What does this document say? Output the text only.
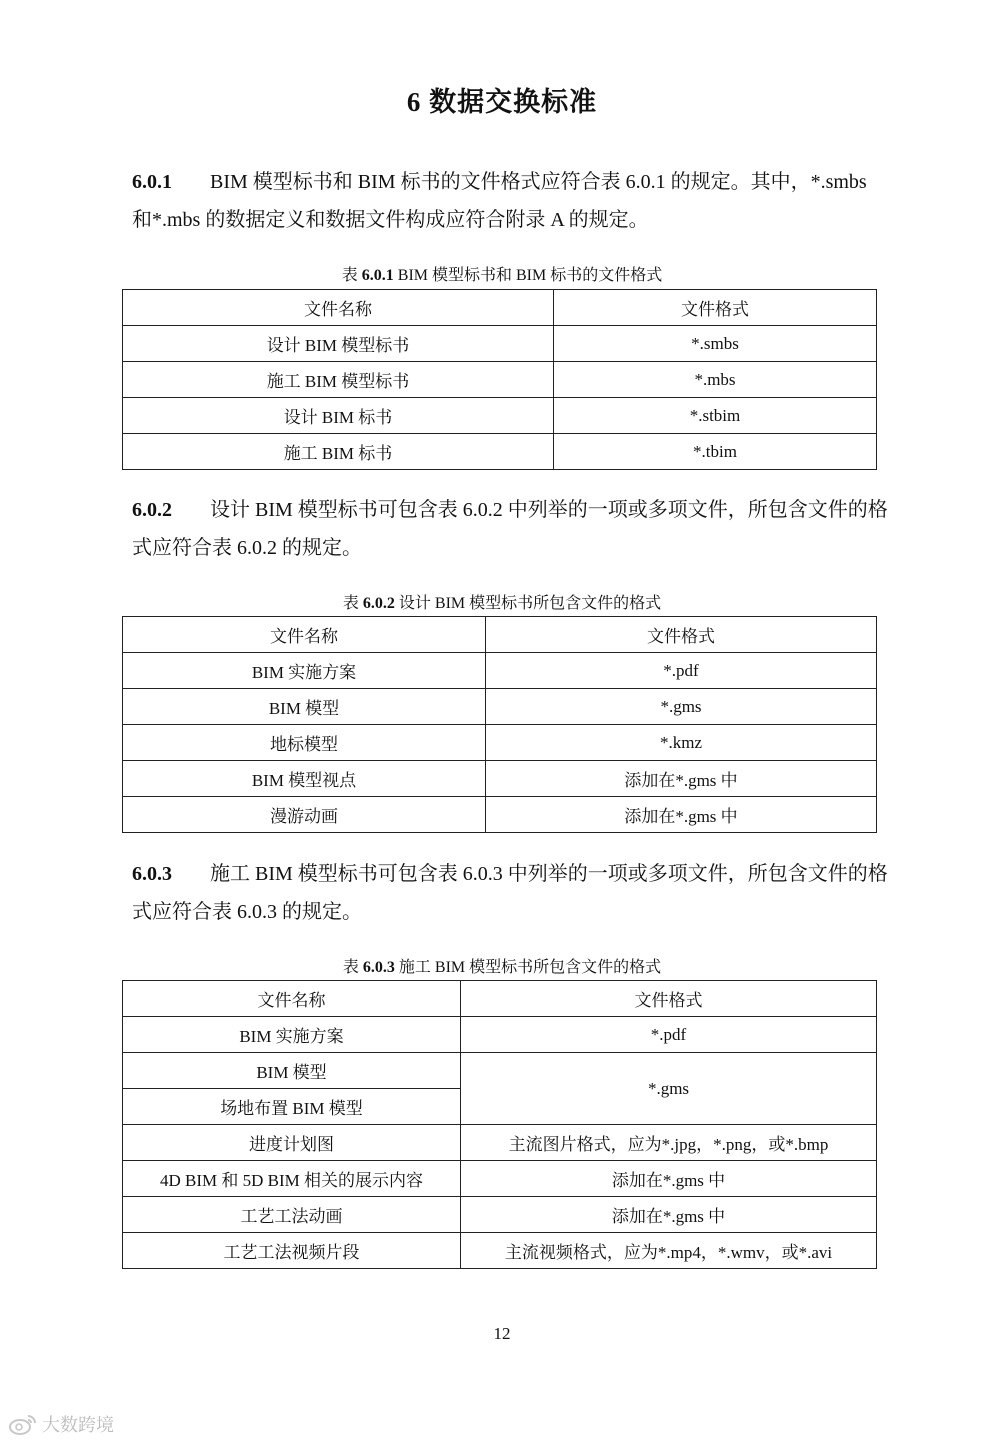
6 数据交换标准
6.0.1 BIM 模型标书和 BIM 标书的文件格式应符合表 6.0.1 的规定。其中，*.smbs 和*.mbs 的数据定义和数据文件构成应符合附录 A 的规定。
表 6.0.1 BIM 模型标书和 BIM 标书的文件格式
文件名称	文件格式
设计 BIM 模型标书	*.smbs
施工 BIM 模型标书	*.mbs
设计 BIM 标书	*.stbim
施工 BIM 标书	*.tbim
6.0.2 设计 BIM 模型标书可包含表 6.0.2 中列举的一项或多项文件，所包含文件的格式应符合表 6.0.2 的规定。
表 6.0.2 设计 BIM 模型标书所包含文件的格式
文件名称	文件格式
BIM 实施方案	*.pdf
BIM 模型	*.gms
地标模型	*.kmz
BIM 模型视点	添加在*.gms 中
漫游动画	添加在*.gms 中
6.0.3 施工 BIM 模型标书可包含表 6.0.3 中列举的一项或多项文件，所包含文件的格式应符合表 6.0.3 的规定。
表 6.0.3 施工 BIM 模型标书所包含文件的格式
文件名称	文件格式
BIM 实施方案	*.pdf
BIM 模型	*.gms
场地布置 BIM 模型	
进度计划图	主流图片格式，应为*.jpg，*.png，或*.bmp
4D BIM 和 5D BIM 相关的展示内容	添加在*.gms 中
工艺工法动画	添加在*.gms 中
工艺工法视频片段	主流视频格式，应为*.mp4，*.wmv，或*.avi
12
大数跨境
